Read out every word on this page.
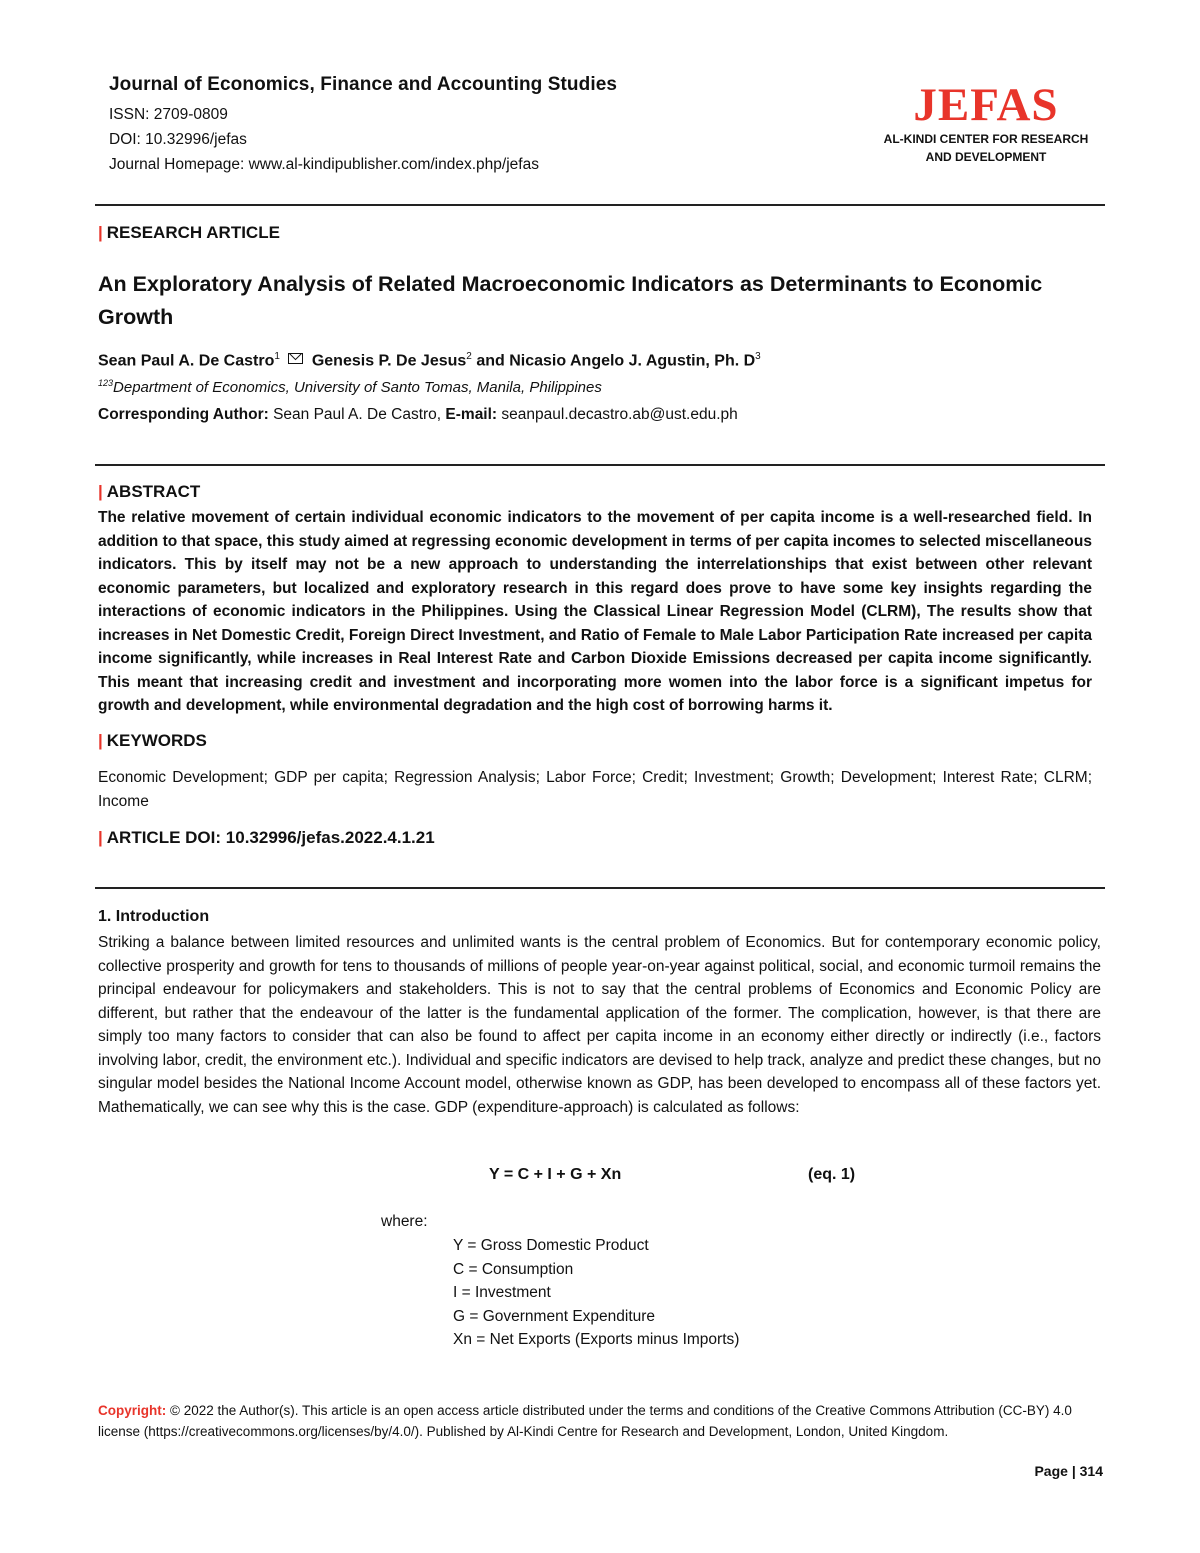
Journal of Economics, Finance and Accounting Studies
ISSN: 2709-0809
DOI: 10.32996/jefas
Journal Homepage: www.al-kindipublisher.com/index.php/jefas
JEFAS
AL-KINDI CENTER FOR RESEARCH
AND DEVELOPMENT
| RESEARCH ARTICLE
An Exploratory Analysis of Related Macroeconomic Indicators as Determinants to Economic Growth
Sean Paul A. De Castro$^1$ Genesis P. De Jesus$^2$ and Nicasio Angelo J. Agustin, Ph. $D^3$
$^{123}$Department of Economics, University of Santo Tomas, Manila, Philippines
Corresponding Author: Sean Paul A. De Castro, E-mail: seanpaul.decastro.ab@ust.edu.ph
| ABSTRACT
The relative movement of certain individual economic indicators to the movement of per capita income is a well-researched field. In addition to that space, this study aimed at regressing economic development in terms of per capita incomes to selected miscellaneous indicators. This by itself may not be a new approach to understanding the interrelationships that exist between other relevant economic parameters, but localized and exploratory research in this regard does prove to have some key insights regarding the interactions of economic indicators in the Philippines. Using the Classical Linear Regression Model (CLRM), The results show that increases in Net Domestic Credit, Foreign Direct Investment, and Ratio of Female to Male Labor Participation Rate increased per capita income significantly, while increases in Real Interest Rate and Carbon Dioxide Emissions decreased per capita income significantly. This meant that increasing credit and investment and incorporating more women into the labor force is a significant impetus for growth and development, while environmental degradation and the high cost of borrowing harms it.
| KEYWORDS
Economic Development; GDP per capita; Regression Analysis; Labor Force; Credit; Investment; Growth; Development; Interest Rate; CLRM; Income
| ARTICLE DOI: 10.32996/jefas.2022.4.1.21
1. Introduction
Striking a balance between limited resources and unlimited wants is the central problem of Economics. But for contemporary economic policy, collective prosperity and growth for tens to thousands of millions of people year-on-year against political, social, and economic turmoil remains the principal endeavour for policymakers and stakeholders. This is not to say that the central problems of Economics and Economic Policy are different, but rather that the endeavour of the latter is the fundamental application of the former. The complication, however, is that there are simply too many factors to consider that can also be found to affect per capita income in an economy either directly or indirectly (i.e., factors involving labor, credit, the environment etc.). Individual and specific indicators are devised to help track, analyze and predict these changes, but no singular model besides the National Income Account model, otherwise known as GDP, has been developed to encompass all of these factors yet. Mathematically, we can see why this is the case. GDP (expenditure-approach) is calculated as follows:
Y = C + I + G + Xn	(eq. 1)
where:
Y = Gross Domestic Product
C = Consumption
I = Investment
G = Government Expenditure
Xn = Net Exports (Exports minus Imports)
Copyright: © 2022 the Author(s). This article is an open access article distributed under the terms and conditions of the Creative Commons Attribution (CC-BY) 4.0 license (https://creativecommons.org/licenses/by/4.0/). Published by Al-Kindi Centre for Research and Development, London, United Kingdom.
Page | 314
